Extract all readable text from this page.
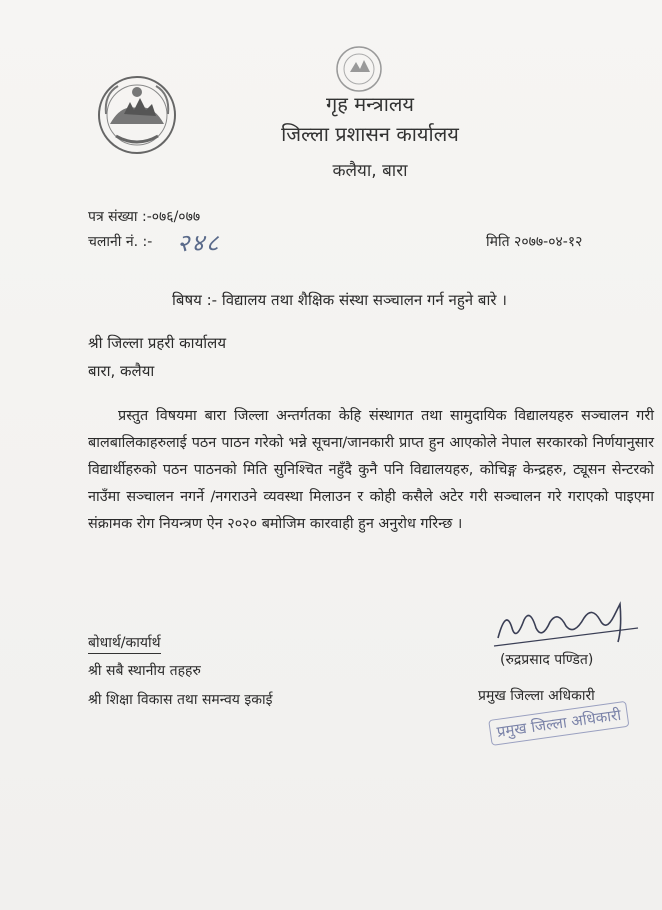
गृह मन्त्रालय
जिल्ला प्रशासन कार्यालय
कलैया, बारा
पत्र संख्या :-०७६/०७७
चलानी नं. :- २४८	मिति २०७७-०४-१२
बिषय :- विद्यालय तथा शैक्षिक संस्था सञ्चालन गर्न नहुने बारे ।
श्री जिल्ला प्रहरी कार्यालय
बारा, कलैया
प्रस्तुत विषयमा बारा जिल्ला अन्तर्गतका केहि संस्थागत तथा सामुदायिक विद्यालयहरु सञ्चालन गरी बालबालिकाहरुलाई पठन पाठन गरेको भन्ने सूचना/जानकारी प्राप्त हुन आएकोले नेपाल सरकारको निर्णयानुसार विद्यार्थीहरुको पठन पाठनको मिति सुनिश्चित नहुँदै कुनै पनि विद्यालयहरु, कोचिङ्ग केन्द्रहरु, ट्यूसन सेन्टरको नाउँमा सञ्चालन नगर्ने /नगराउने व्यवस्था मिलाउन र कोही कसैले अटेर गरी सञ्चालन गरे गराएको पाइएमा संक्रामक रोग नियन्त्रण ऐन २०२० बमोजिम कारवाही हुन अनुरोध गरिन्छ ।
बोधार्थ/कार्यार्थ
श्री सबै स्थानीय तहहरु
श्री शिक्षा विकास तथा समन्वय इकाई
(रुद्रप्रसाद पण्डित)
प्रमुख जिल्ला अधिकारी
प्रमुख जिल्ला अधिकारी
